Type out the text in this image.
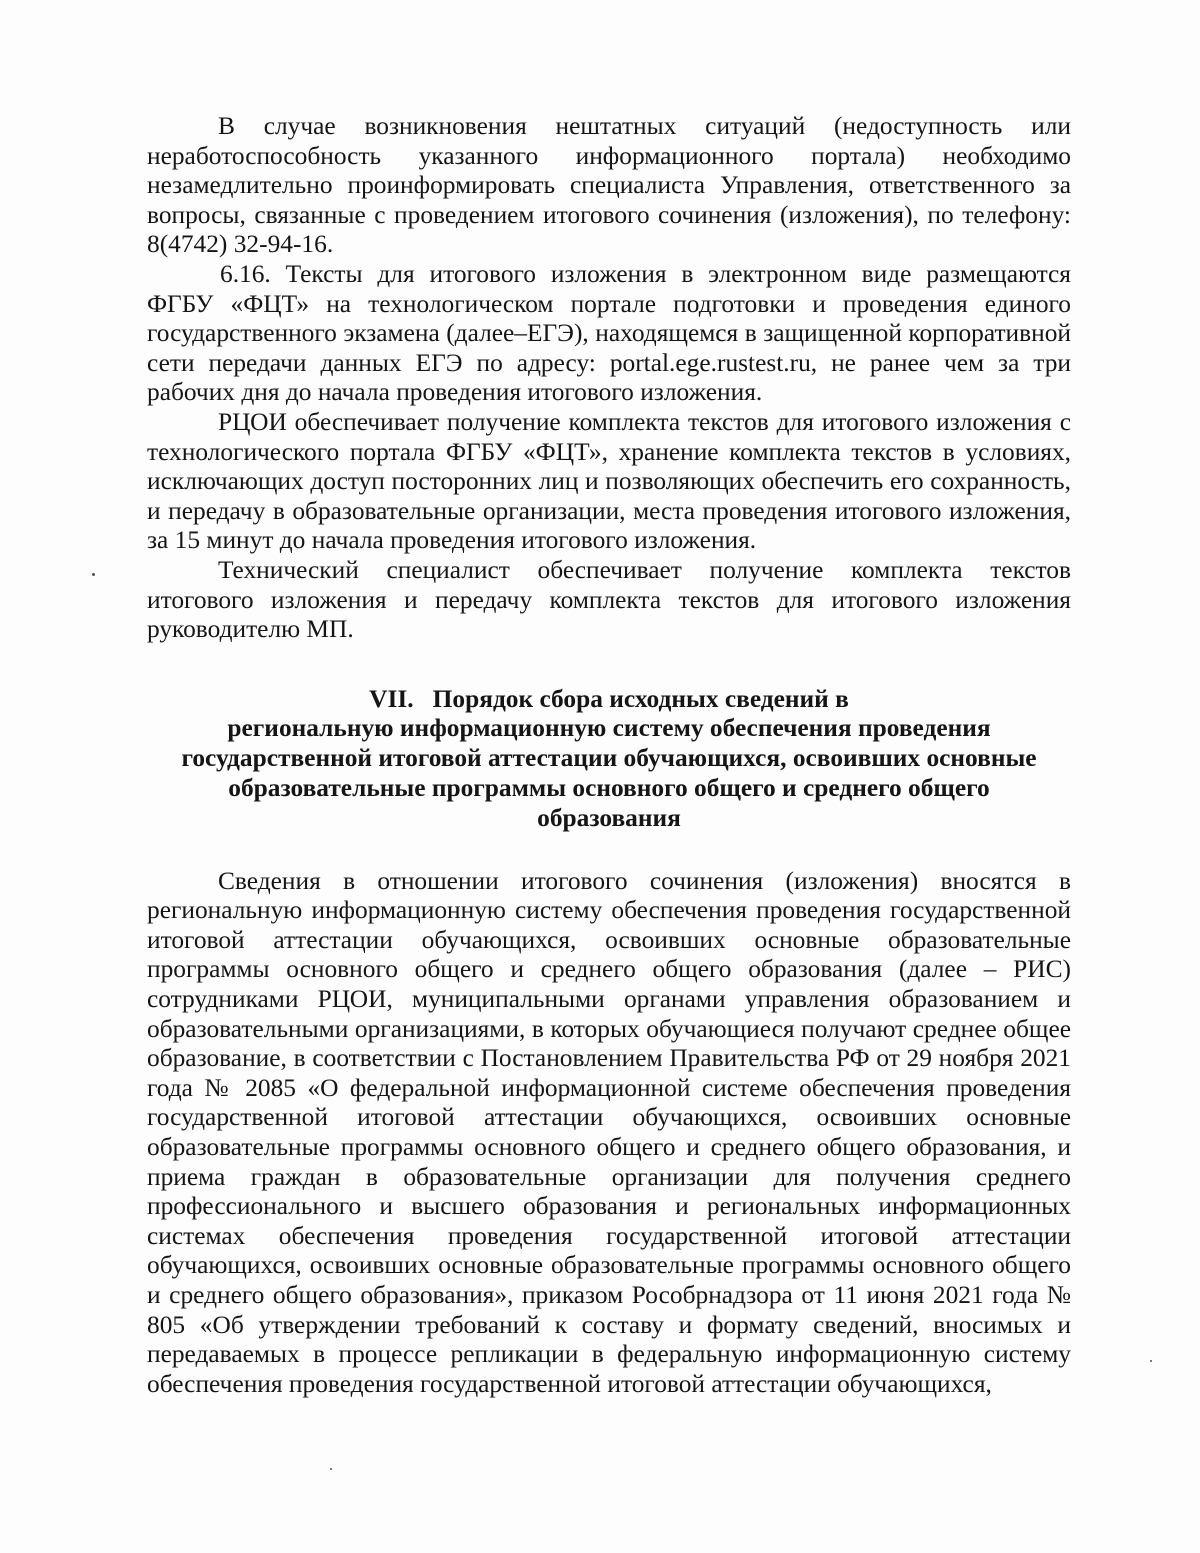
В случае возникновения нештатных ситуаций (недоступность или неработоспособность указанного информационного портала) необходимо незамедлительно проинформировать специалиста Управления, ответственного за вопросы, связанные с проведением итогового сочинения (изложения), по телефону: 8(4742) 32-94-16.

6.16. Тексты для итогового изложения в электронном виде размещаются ФГБУ «ФЦТ» на технологическом портале подготовки и проведения единого государственного экзамена (далее–ЕГЭ), находящемся в защищенной корпоративной сети передачи данных ЕГЭ по адресу: portal.ege.rustest.ru, не ранее чем за три рабочих дня до начала проведения итогового изложения.

РЦОИ обеспечивает получение комплекта текстов для итогового изложения с технологического портала ФГБУ «ФЦТ», хранение комплекта текстов в условиях, исключающих доступ посторонних лиц и позволяющих обеспечить его сохранность, и передачу в образовательные организации, места проведения итогового изложения, за 15 минут до начала проведения итогового изложения.

Технический специалист обеспечивает получение комплекта текстов итогового изложения и передачу комплекта текстов для итогового изложения руководителю МП.

VII.   Порядок сбора исходных сведений в
региональную информационную систему обеспечения проведения
государственной итоговой аттестации обучающихся, освоивших основные
образовательные программы основного общего и среднего общего
образования

Сведения в отношении итогового сочинения (изложения) вносятся в региональную информационную систему обеспечения проведения государственной итоговой аттестации обучающихся, освоивших основные образовательные программы основного общего и среднего общего образования (далее – РИС) сотрудниками РЦОИ, муниципальными органами управления образованием и образовательными организациями, в которых обучающиеся получают среднее общее образование, в соответствии с Постановлением Правительства РФ от 29 ноября 2021 года № 2085 «О федеральной информационной системе обеспечения проведения государственной итоговой аттестации обучающихся, освоивших основные образовательные программы основного общего и среднего общего образования, и приема граждан в образовательные организации для получения среднего профессионального и высшего образования и региональных информационных системах обеспечения проведения государственной итоговой аттестации обучающихся, освоивших основные образовательные программы основного общего и среднего общего образования», приказом Рособрнадзора от 11 июня 2021 года № 805 «Об утверждении требований к составу и формату сведений, вносимых и передаваемых в процессе репликации в федеральную информационную систему обеспечения проведения государственной итоговой аттестации обучающихся,
